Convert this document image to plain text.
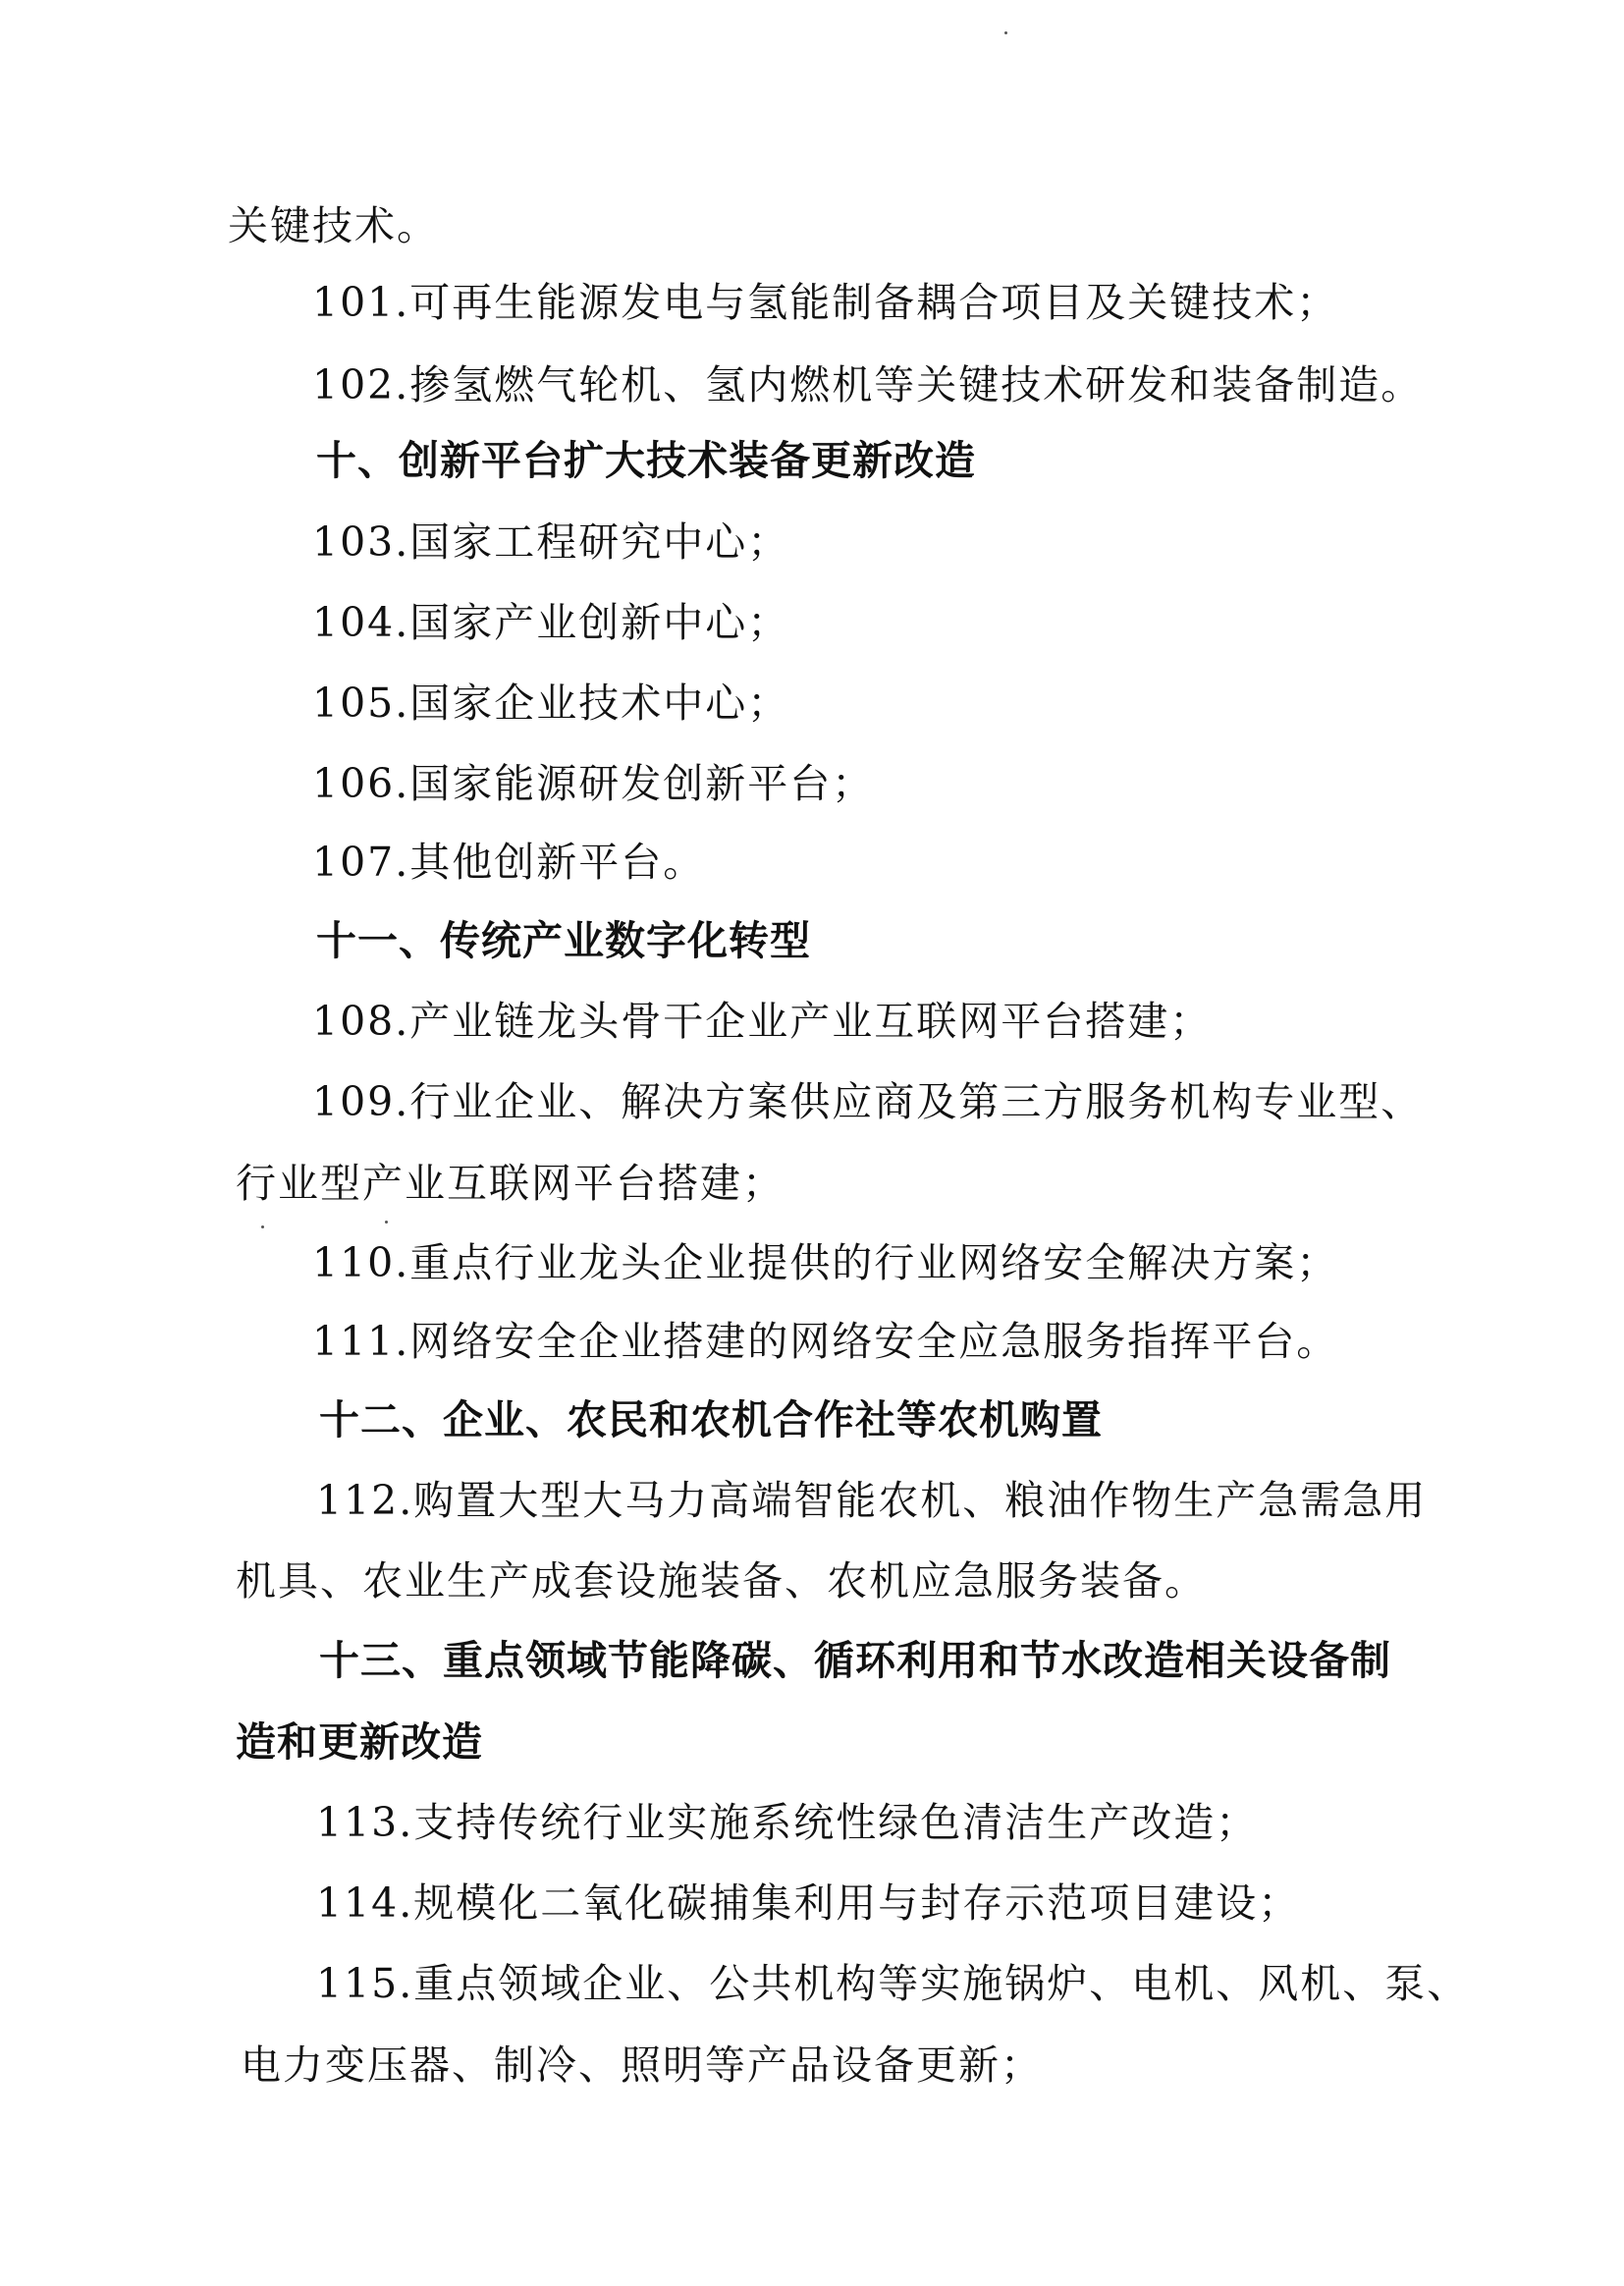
关键技术。
101.可再生能源发电与氢能制备耦合项目及关键技术；
102.掺氢燃气轮机、氢内燃机等关键技术研发和装备制造。
十、创新平台扩大技术装备更新改造
103.国家工程研究中心；
104.国家产业创新中心；
105.国家企业技术中心；
106.国家能源研发创新平台；
107.其他创新平台。
十一、传统产业数字化转型
108.产业链龙头骨干企业产业互联网平台搭建；
109.行业企业、解决方案供应商及第三方服务机构专业型、
行业型产业互联网平台搭建；
110.重点行业龙头企业提供的行业网络安全解决方案；
111.网络安全企业搭建的网络安全应急服务指挥平台。
十二、企业、农民和农机合作社等农机购置
112.购置大型大马力高端智能农机、粮油作物生产急需急用
机具、农业生产成套设施装备、农机应急服务装备。
十三、重点领域节能降碳、循环利用和节水改造相关设备制
造和更新改造
113.支持传统行业实施系统性绿色清洁生产改造；
114.规模化二氧化碳捕集利用与封存示范项目建设；
115.重点领域企业、公共机构等实施锅炉、电机、风机、泵、
电力变压器、制冷、照明等产品设备更新；
